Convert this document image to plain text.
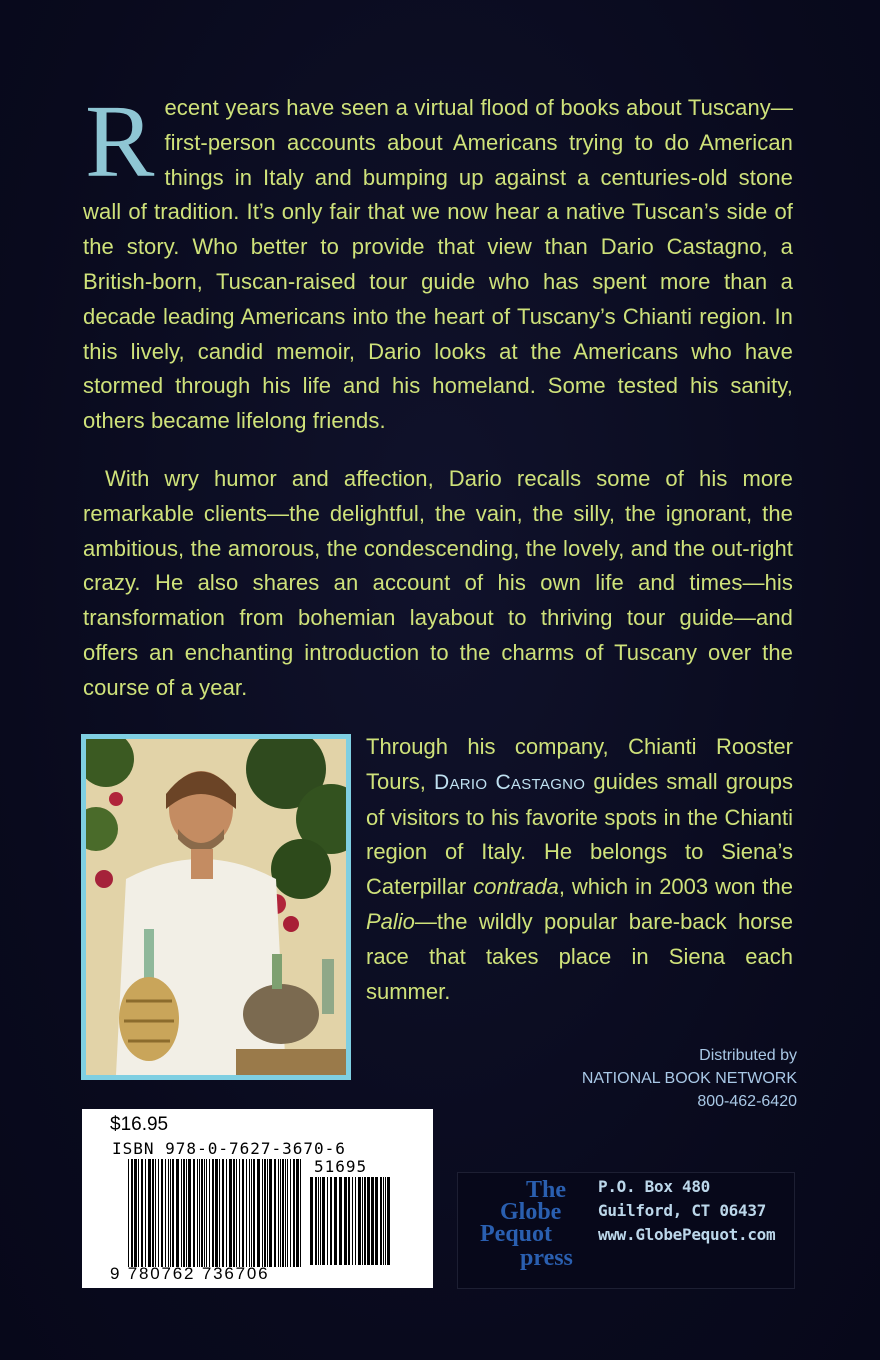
Recent years have seen a virtual flood of books about Tuscany—first-person accounts about Americans trying to do American things in Italy and bumping up against a centuries-old stone wall of tradition. It’s only fair that we now hear a native Tuscan’s side of the story. Who better to provide that view than Dario Castagno, a British-born, Tuscan-raised tour guide who has spent more than a decade leading Americans into the heart of Tuscany’s Chianti region. In this lively, candid memoir, Dario looks at the Americans who have stormed through his life and his homeland. Some tested his sanity, others became lifelong friends.
With wry humor and affection, Dario recalls some of his more remarkable clients—the delightful, the vain, the silly, the ignorant, the ambitious, the amorous, the condescending, the lovely, and the out-right crazy. He also shares an account of his own life and times—his transformation from bohemian layabout to thriving tour guide—and offers an enchanting introduction to the charms of Tuscany over the course of a year.
Through his company, Chianti Rooster Tours, Dario Castagno guides small groups of visitors to his favorite spots in the Chianti region of Italy. He belongs to Siena’s Caterpillar contrada, which in 2003 won the Palio—the wildly popular bare-back horse race that takes place in Siena each summer.
Distributed by
NATIONAL BOOK NETWORK
800-462-6420
$16.95
ISBN 978-0-7627-3670-6
51695
9 780762 736706
The
Globe
Pequot
press
P.O. Box 480
Guilford, CT 06437
www.GlobePequot.com
